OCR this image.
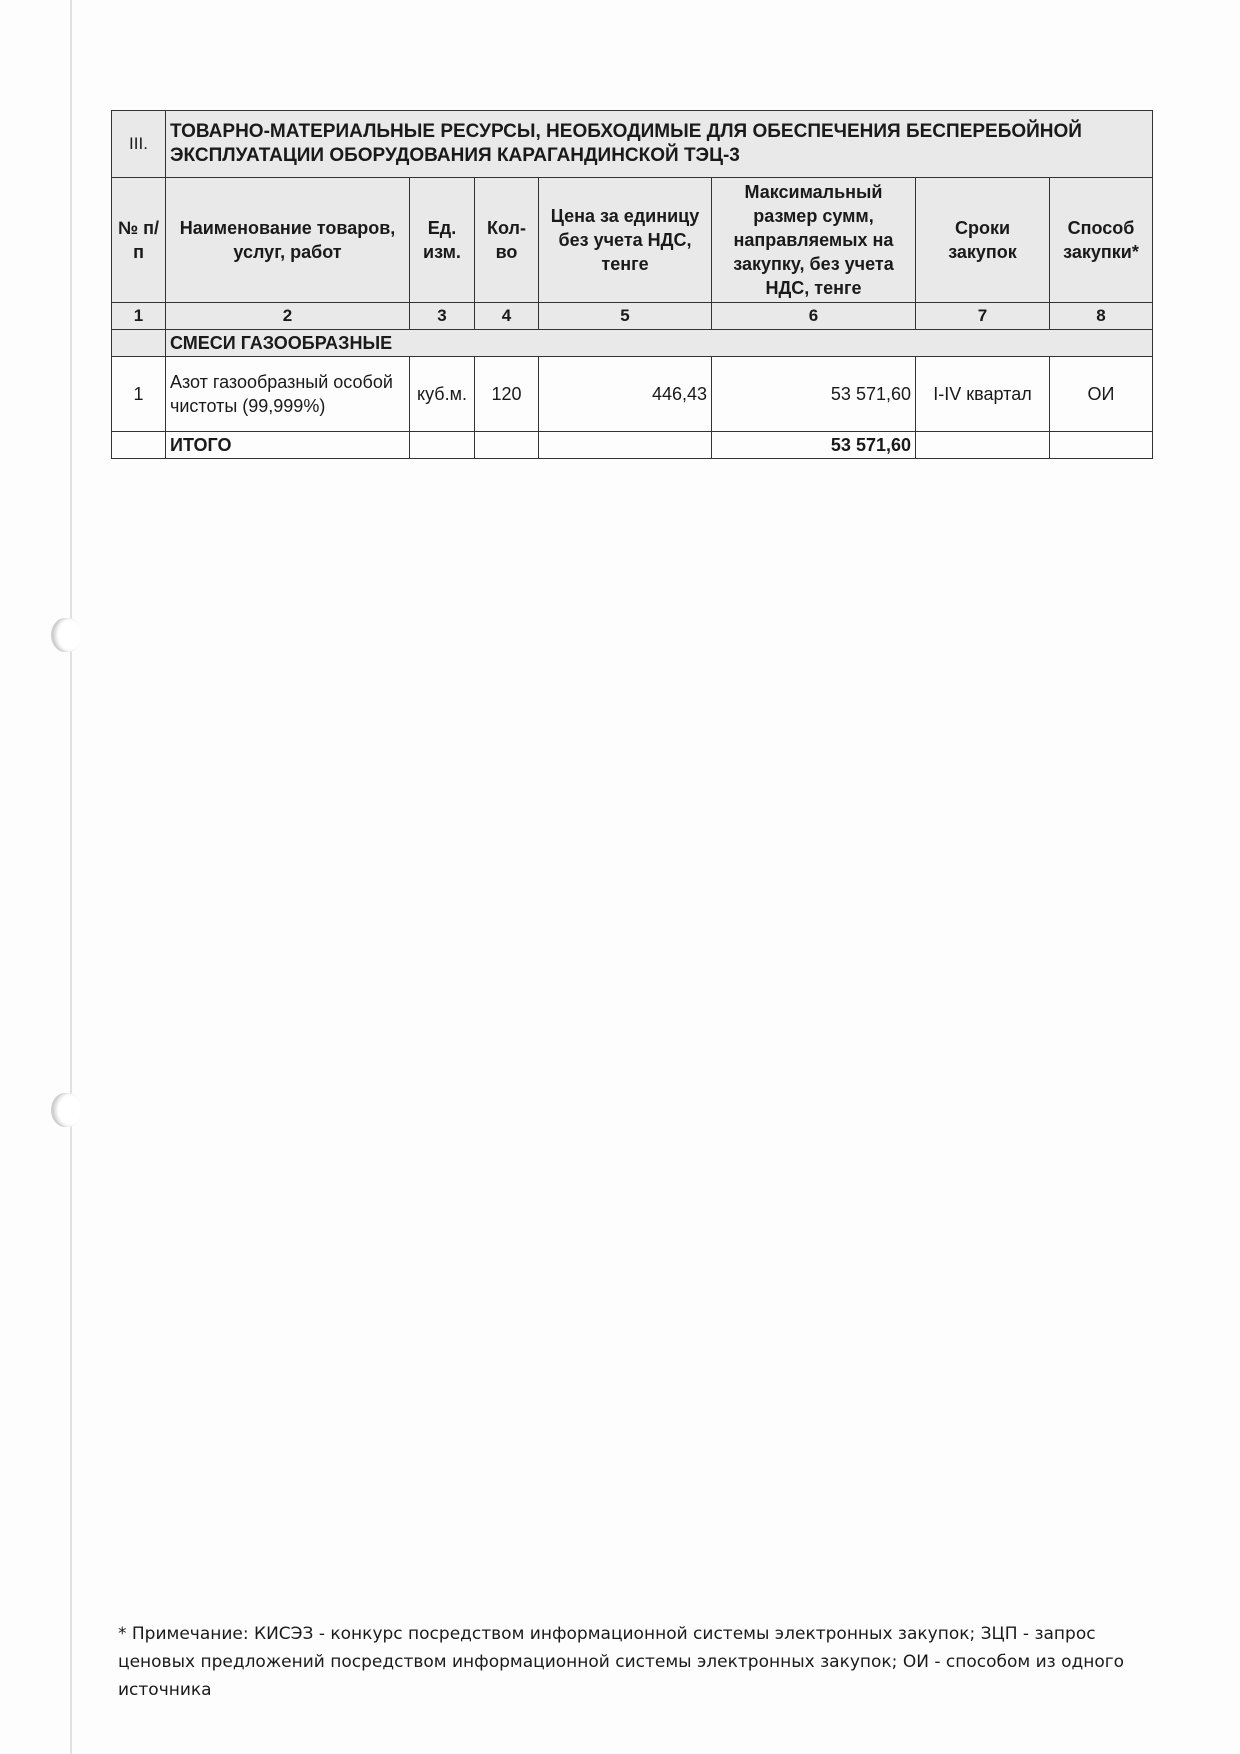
III.	ТОВАРНО-МАТЕРИАЛЬНЫЕ РЕСУРСЫ, НЕОБХОДИМЫЕ ДЛЯ ОБЕСПЕЧЕНИЯ БЕСПЕРЕБОЙНОЙ ЭКСПЛУАТАЦИИ ОБОРУДОВАНИЯ КАРАГАНДИНСКОЙ ТЭЦ-3						
№ п/п	Наименование товаров, услуг, работ	Ед. изм.	Кол-во	Цена за единицу без учета НДС, тенге	Максимальный размер сумм, направляемых на закупку, без учета НДС, тенге	Сроки закупок	Способ закупки*
1	2	3	4	5	6	7	8
	СМЕСИ ГАЗООБРАЗНЫЕ						
1	Азот газообразный особой чистоты (99,999%)	куб.м.	120	446,43	53 571,60	I-IV квартал	ОИ
	ИТОГО				53 571,60		
* Примечание: КИСЭЗ - конкурс посредством информационной системы электронных закупок; ЗЦП - запрос ценовых предложений посредством информационной системы электронных закупок; ОИ - способом из одного источника
